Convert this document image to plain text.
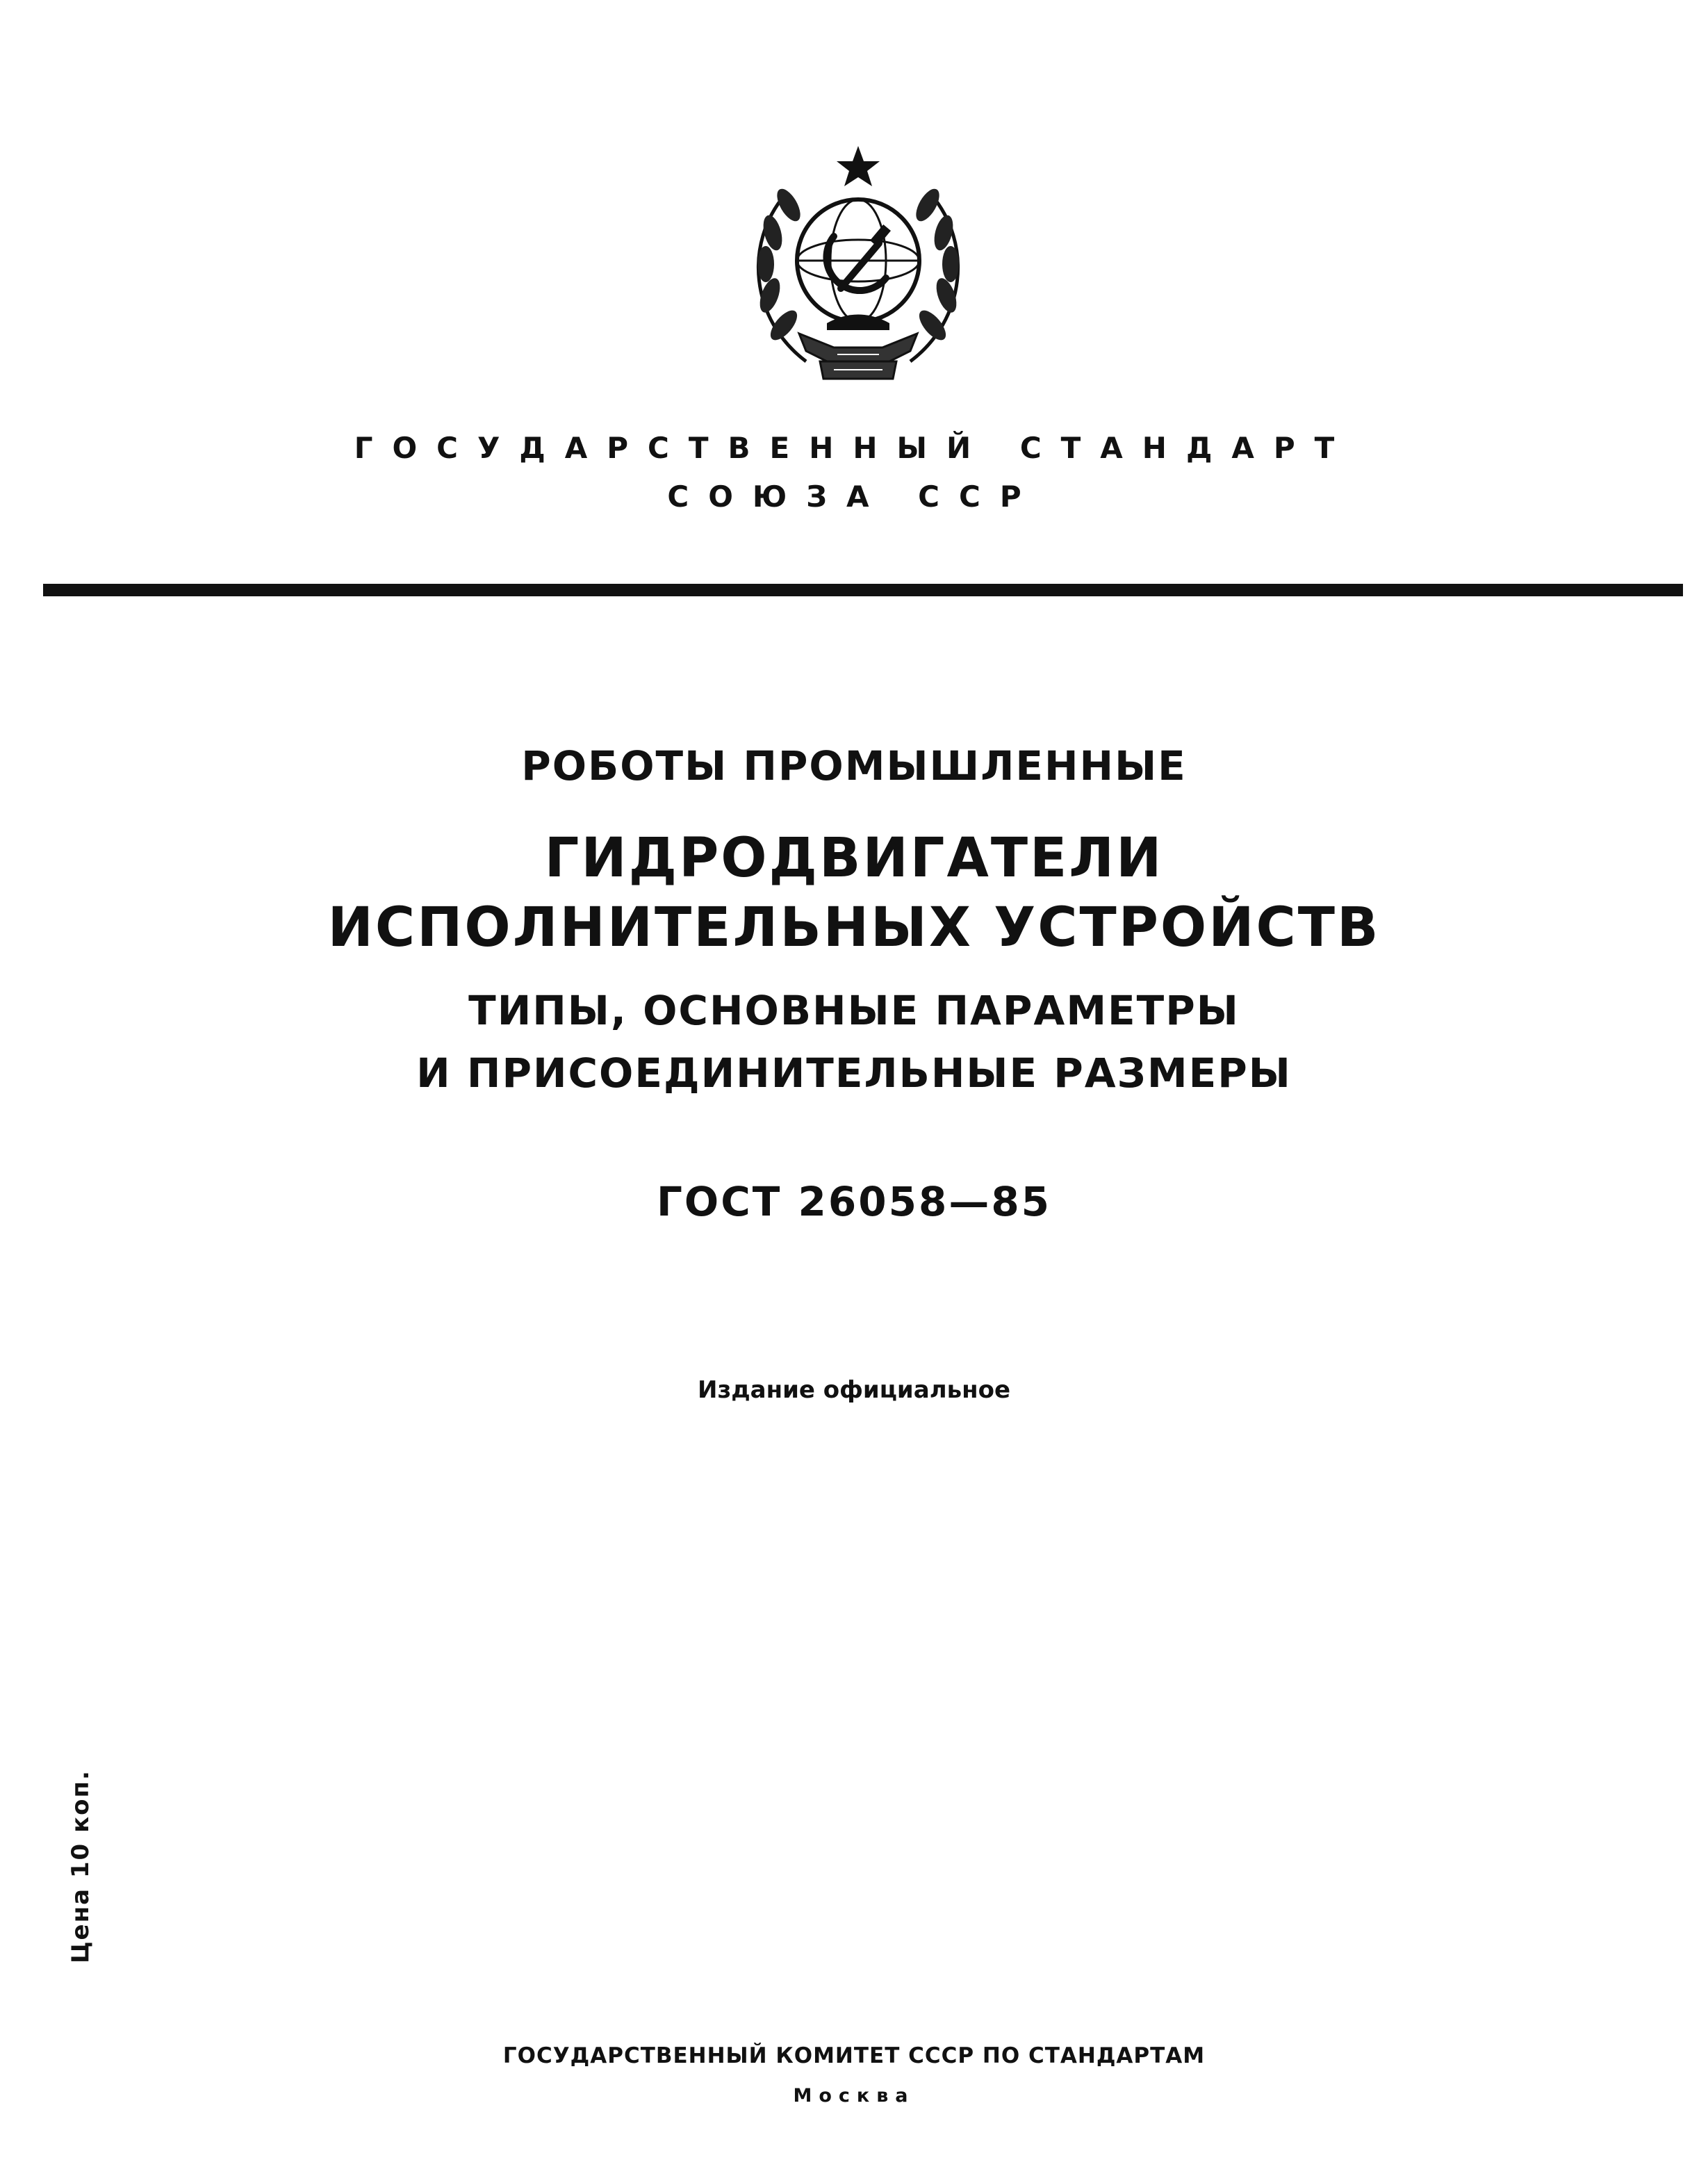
ГОСУДАРСТВЕННЫЙ СТАНДАРТ
СОЮЗА ССР
РОБОТЫ ПРОМЫШЛЕННЫЕ
ГИДРОДВИГАТЕЛИ
ИСПОЛНИТЕЛЬНЫХ УСТРОЙСТВ
ТИПЫ, ОСНОВНЫЕ ПАРАМЕТРЫ
И ПРИСОЕДИНИТЕЛЬНЫЕ РАЗМЕРЫ
ГОСТ 26058—85
Издание официальное
Цена 10 коп.
ГОСУДАРСТВЕННЫЙ КОМИТЕТ СССР ПО СТАНДАРТАМ
Москва
